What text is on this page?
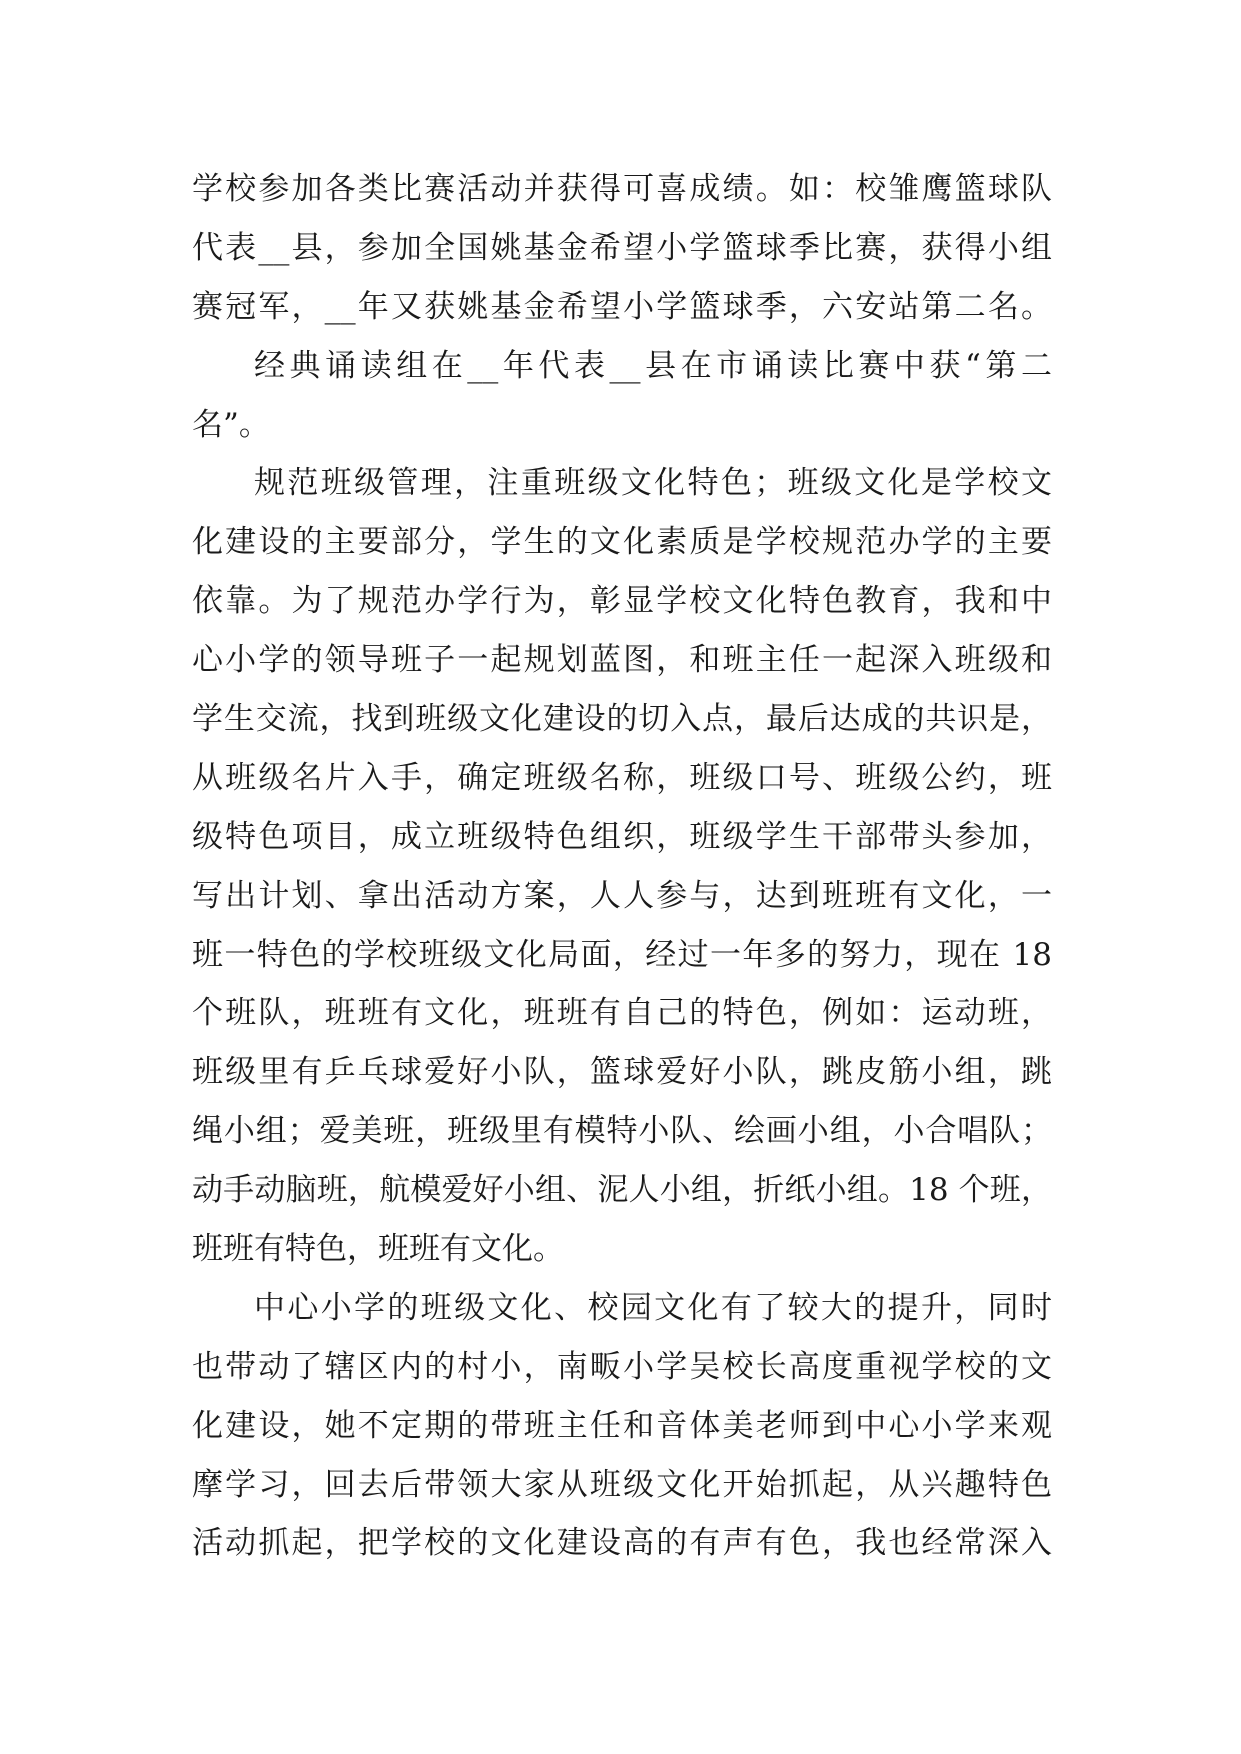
学校参加各类比赛活动并获得可喜成绩。如：校雏鹰篮球队
代表__县，参加全国姚基金希望小学篮球季比赛，获得小组
赛冠军，__年又获姚基金希望小学篮球季，六安站第二名。
经典诵读组在__年代表__县在市诵读比赛中获“第二
名”。
规范班级管理，注重班级文化特色；班级文化是学校文
化建设的主要部分，学生的文化素质是学校规范办学的主要
依靠。为了规范办学行为，彰显学校文化特色教育，我和中
心小学的领导班子一起规划蓝图，和班主任一起深入班级和
学生交流，找到班级文化建设的切入点，最后达成的共识是，
从班级名片入手，确定班级名称，班级口号、班级公约，班
级特色项目，成立班级特色组织，班级学生干部带头参加，
写出计划、拿出活动方案，人人参与，达到班班有文化，一
班一特色的学校班级文化局面，经过一年多的努力，现在 18
个班队，班班有文化，班班有自己的特色，例如：运动班，
班级里有乒乓球爱好小队，篮球爱好小队，跳皮筋小组，跳
绳小组；爱美班，班级里有模特小队、绘画小组，小合唱队；
动手动脑班，航模爱好小组、泥人小组，折纸小组。18 个班，
班班有特色，班班有文化。
中心小学的班级文化、校园文化有了较大的提升，同时
也带动了辖区内的村小，南畈小学吴校长高度重视学校的文
化建设，她不定期的带班主任和音体美老师到中心小学来观
摩学习，回去后带领大家从班级文化开始抓起，从兴趣特色
活动抓起，把学校的文化建设高的有声有色，我也经常深入
